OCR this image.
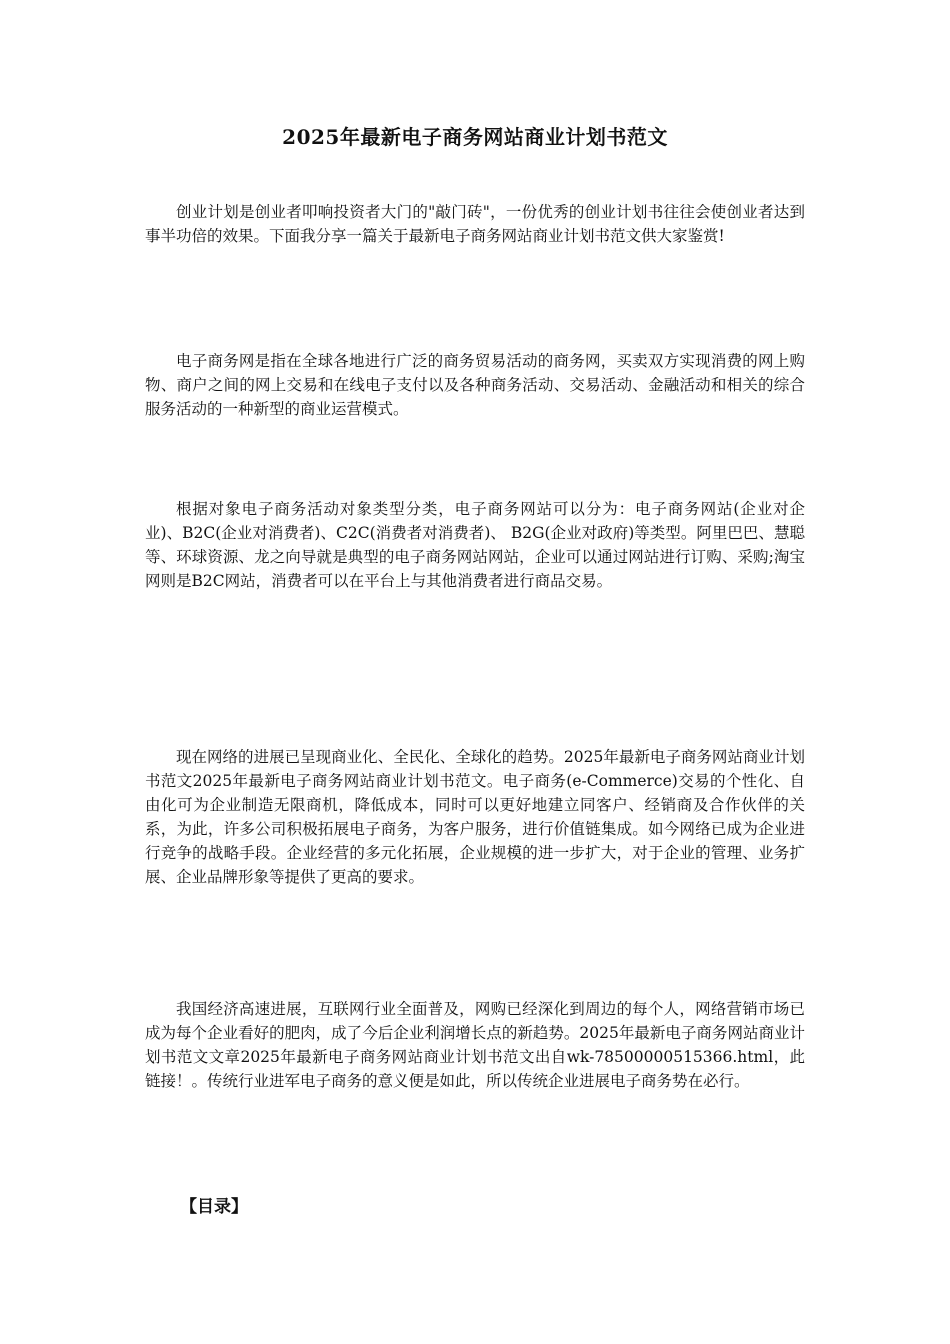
2025年最新电子商务网站商业计划书范文

创业计划是创业者叩响投资者大门的"敲门砖"，一份优秀的创业计划书往往会使创业者达到事半功倍的效果。下面我分享一篇关于最新电子商务网站商业计划书范文供大家鉴赏!

电子商务网是指在全球各地进行广泛的商务贸易活动的商务网，买卖双方实现消费的网上购物、商户之间的网上交易和在线电子支付以及各种商务活动、交易活动、金融活动和相关的综合服务活动的一种新型的商业运营模式。

根据对象电子商务活动对象类型分类，电子商务网站可以分为：电子商务网站(企业对企业)、B2C(企业对消费者)、C2C(消费者对消费者)、 B2G(企业对政府)等类型。阿里巴巴、慧聪等、环球资源、龙之向导就是典型的电子商务网站网站，企业可以通过网站进行订购、采购;淘宝网则是B2C网站，消费者可以在平台上与其他消费者进行商品交易。

现在网络的进展已呈现商业化、全民化、全球化的趋势。2025年最新电子商务网站商业计划书范文2025年最新电子商务网站商业计划书范文。电子商务(e-Commerce)交易的个性化、自由化可为企业制造无限商机，降低成本，同时可以更好地建立同客户、经销商及合作伙伴的关系，为此，许多公司积极拓展电子商务，为客户服务，进行价值链集成。如今网络已成为企业进行竞争的战略手段。企业经营的多元化拓展，企业规模的进一步扩大，对于企业的管理、业务扩展、企业品牌形象等提供了更高的要求。

我国经济高速进展，互联网行业全面普及，网购已经深化到周边的每个人，网络营销市场已成为每个企业看好的肥肉，成了今后企业利润增长点的新趋势。2025年最新电子商务网站商业计划书范文文章2025年最新电子商务网站商业计划书范文出自wk-78500000515366.html，此链接！。传统行业进军电子商务的意义便是如此，所以传统企业进展电子商务势在必行。

【目录】
